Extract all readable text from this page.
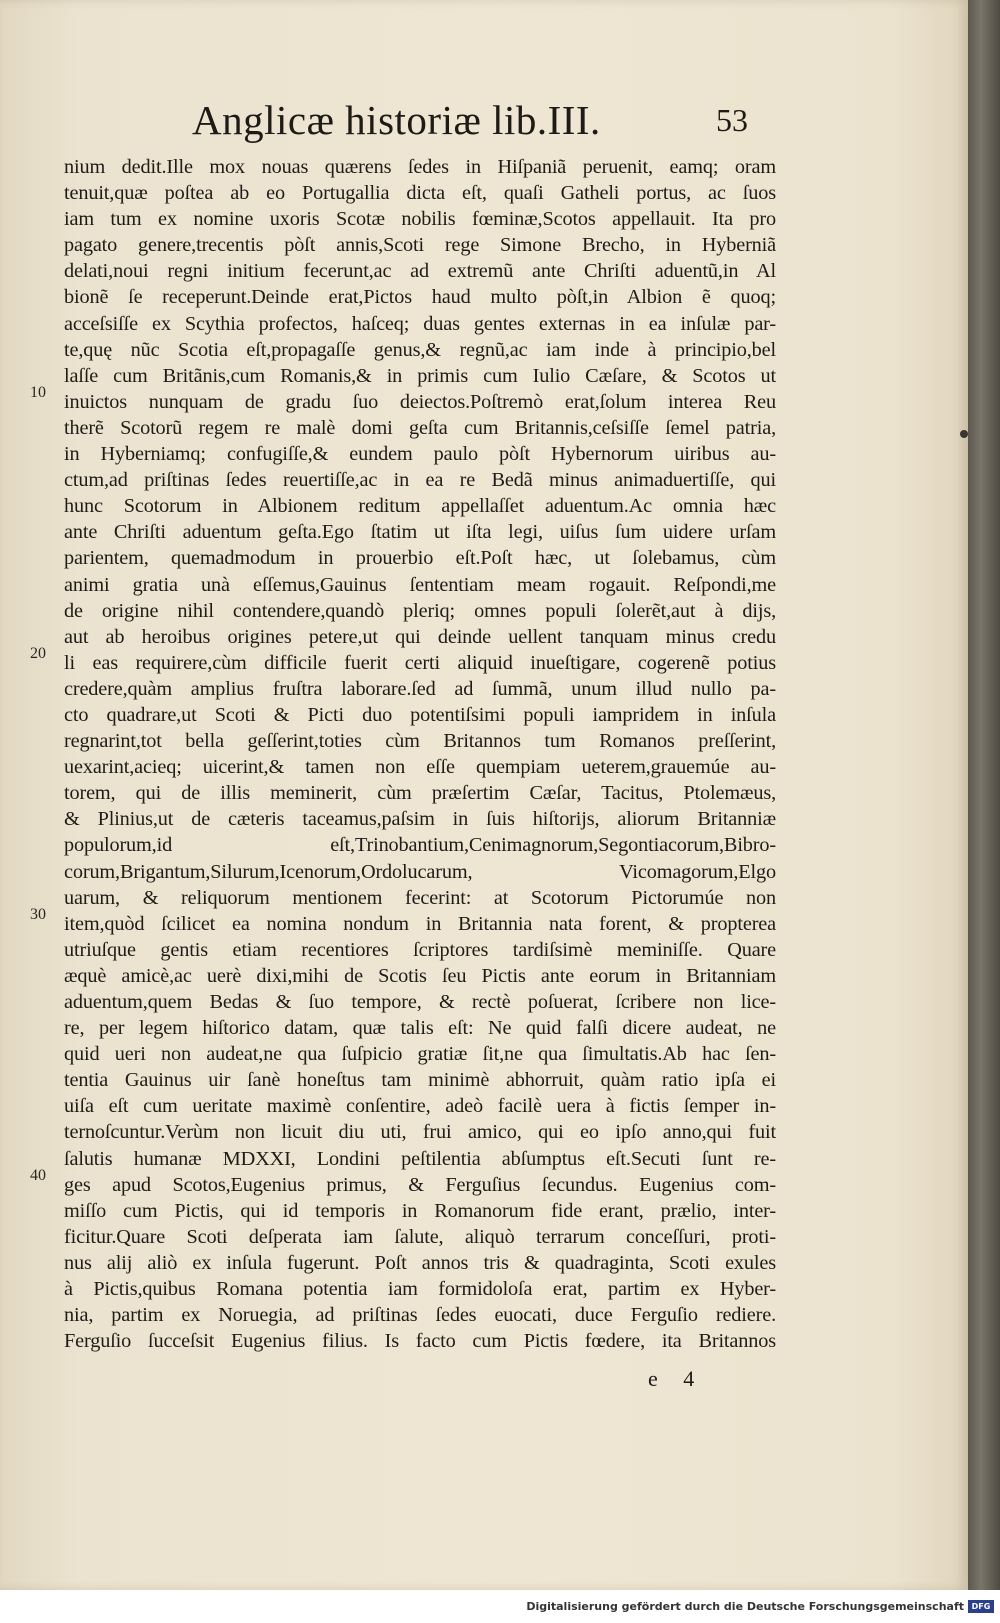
Anglicæ historiæ lib.III.	53
nium dedit.Ille mox nouas quærens ſedes in Hiſpaniã peruenit, eamq; oram
tenuit,quæ poſtea ab eo Portugallia dicta eſt, quaſi Gatheli portus, ac ſuos
iam tum ex nomine uxoris Scotæ nobilis fœminæ,Scotos appellauit. Ita pro
pagato genere,trecentis pòſt annis,Scoti rege Simone Brecho, in Hyberniã
delati,noui regni initium fecerunt,ac ad extremũ ante Chriſti aduentũ,in Al
bionẽ ſe receperunt.Deinde erat,Pictos haud multo pòſt,in Albion ẽ quoq;
acceſsiſſe ex Scythia profectos, haſceq; duas gentes externas in ea inſulæ par-
te,quę nũc Scotia eſt,propagaſſe genus,& regnũ,ac iam inde à principio,bel
laſſe cum Britãnis,cum Romanis,& in primis cum Iulio Cæſare, & Scotos ut
inuictos nunquam de gradu ſuo deiectos.Poſtremò erat,ſolum interea Reu
therẽ Scotorũ regem re malè domi geſta cum Britannis,ceſsiſſe ſemel patria,
in Hyberniamq; confugiſſe,& eundem paulo pòſt Hybernorum uiribus au-
ctum,ad priſtinas ſedes reuertiſſe,ac in ea re Bedã minus animaduertiſſe, qui
hunc Scotorum in Albionem reditum appellaſſet aduentum.Ac omnia hæc
ante Chriſti aduentum geſta.Ego ſtatim ut iſta legi, uiſus ſum uidere urſam
parientem, quemadmodum in prouerbio eſt.Poſt hæc, ut ſolebamus, cùm
animi gratia unà eſſemus,Gauinus ſententiam meam rogauit. Reſpondi,me
de origine nihil contendere,quandò pleriq; omnes populi ſolerẽt,aut à dijs,
aut ab heroibus origines petere,ut qui deinde uellent tanquam minus credu
li eas requirere,cùm difficile fuerit certi aliquid inueſtigare, cogerenẽ potius
credere,quàm amplius fruſtra laborare.ſed ad ſummã, unum illud nullo pa-
cto quadrare,ut Scoti & Picti duo potentiſsimi populi iampridem in inſula
regnarint,tot bella geſſerint,toties cùm Britannos tum Romanos preſſerint,
uexarint,acieq; uicerint,& tamen non eſſe quempiam ueterem,grauemúe au-
torem, qui de illis meminerit, cùm præſertim Cæſar, Tacitus, Ptolemæus,
& Plinius,ut de cæteris taceamus,paſsim in ſuis hiſtorijs, aliorum Britanniæ
populorum,id eſt,Trinobantium,Cenimagnorum,Segontiacorum,Bibro-
corum,Brigantum,Silurum,Icenorum,Ordolucarum, Vicomagorum,Elgo
uarum, & reliquorum mentionem fecerint: at Scotorum Pictorumúe non
item,quòd ſcilicet ea nomina nondum in Britannia nata forent, & propterea
utriuſque gentis etiam recentiores ſcriptores tardiſsimè meminiſſe. Quare
æquè amicè,ac uerè dixi,mihi de Scotis ſeu Pictis ante eorum in Britanniam
aduentum,quem Bedas & ſuo tempore, & rectè poſuerat, ſcribere non lice-
re, per legem hiſtorico datam, quæ talis eſt: Ne quid falſi dicere audeat, ne
quid ueri non audeat,ne qua ſuſpicio gratiæ ſit,ne qua ſimultatis.Ab hac ſen-
tentia Gauinus uir ſanè honeſtus tam minimè abhorruit, quàm ratio ipſa ei
uiſa eſt cum ueritate maximè conſentire, adeò facilè uera à fictis ſemper in-
ternoſcuntur.Verùm non licuit diu uti, frui amico, qui eo ipſo anno,qui fuit
ſalutis humanæ MDXXI, Londini peſtilentia abſumptus eſt.Secuti ſunt re-
ges apud Scotos,Eugenius primus, & Ferguſius ſecundus. Eugenius com-
miſſo cum Pictis, qui id temporis in Romanorum fide erant, prælio, inter-
ficitur.Quare Scoti deſperata iam ſalute, aliquò terrarum conceſſuri, proti-
nus alij aliò ex inſula fugerunt. Poſt annos tris & quadraginta, Scoti exules
à Pictis,quibus Romana potentia iam formidoloſa erat, partim ex Hyber-
nia, partim ex Noruegia, ad priſtinas ſedes euocati, duce Ferguſio rediere.
Ferguſio ſucceſsit Eugenius filius. Is facto cum Pictis fœdere, ita Britannos
10
20
30
40
e 4
Digitalisierung gefördert durch die Deutsche Forschungsgemeinschaft DFG
